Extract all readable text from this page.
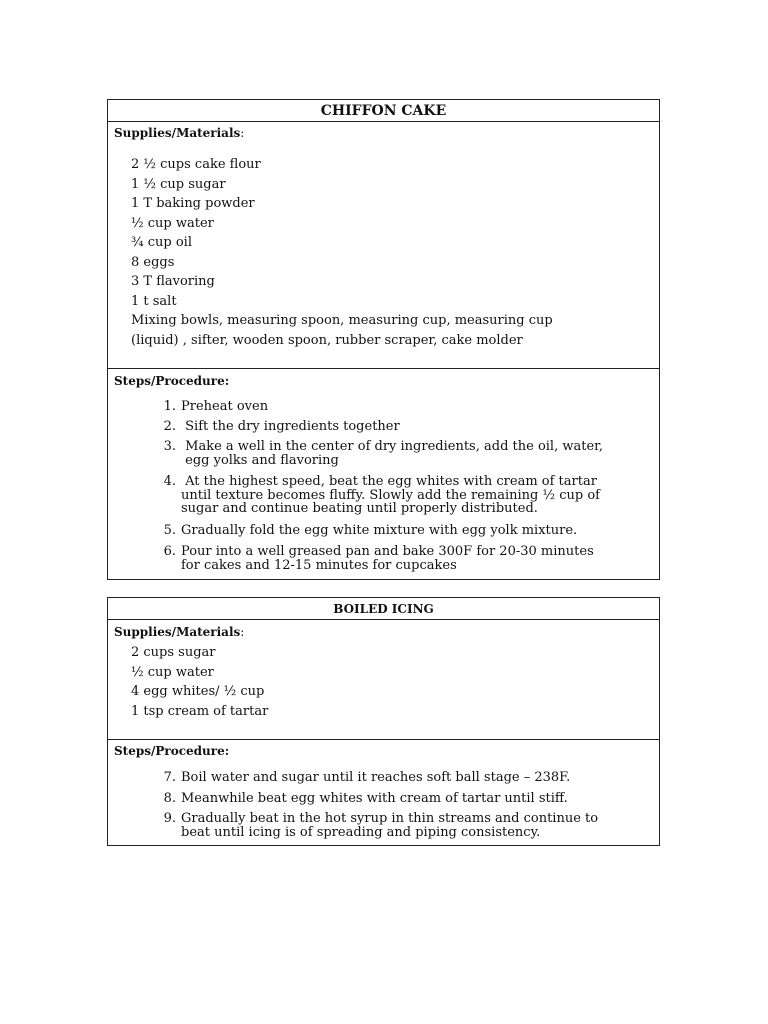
CHIFFON CAKE
Supplies/Materials:
2 ½ cups cake flour
1 ½ cup sugar
1 T baking powder
½ cup water
¾ cup oil
8 eggs
3 T flavoring
1 t salt
Mixing bowls, measuring spoon, measuring cup, measuring cup
(liquid) , sifter, wooden spoon, rubber scraper, cake molder
Steps/Procedure:
1. Preheat oven
2. Sift the dry ingredients together
3. Make a well in the center of dry ingredients, add the oil, water,
egg yolks and flavoring
4. At the highest speed, beat the egg whites with cream of tartar
until texture becomes fluffy. Slowly add the remaining ½ cup of
sugar and continue beating until properly distributed.
5. Gradually fold the egg white mixture with egg yolk mixture.
6. Pour into a well greased pan and bake 300F for 20-30 minutes
for cakes and 12-15 minutes for cupcakes
BOILED ICING
Supplies/Materials:
2 cups sugar
½ cup water
4 egg whites/ ½ cup
1 tsp cream of tartar
Steps/Procedure:
7. Boil water and sugar until it reaches soft ball stage – 238F.
8. Meanwhile beat egg whites with cream of tartar until stiff.
9. Gradually beat in the hot syrup in thin streams and continue to
beat until icing is of spreading and piping consistency.
